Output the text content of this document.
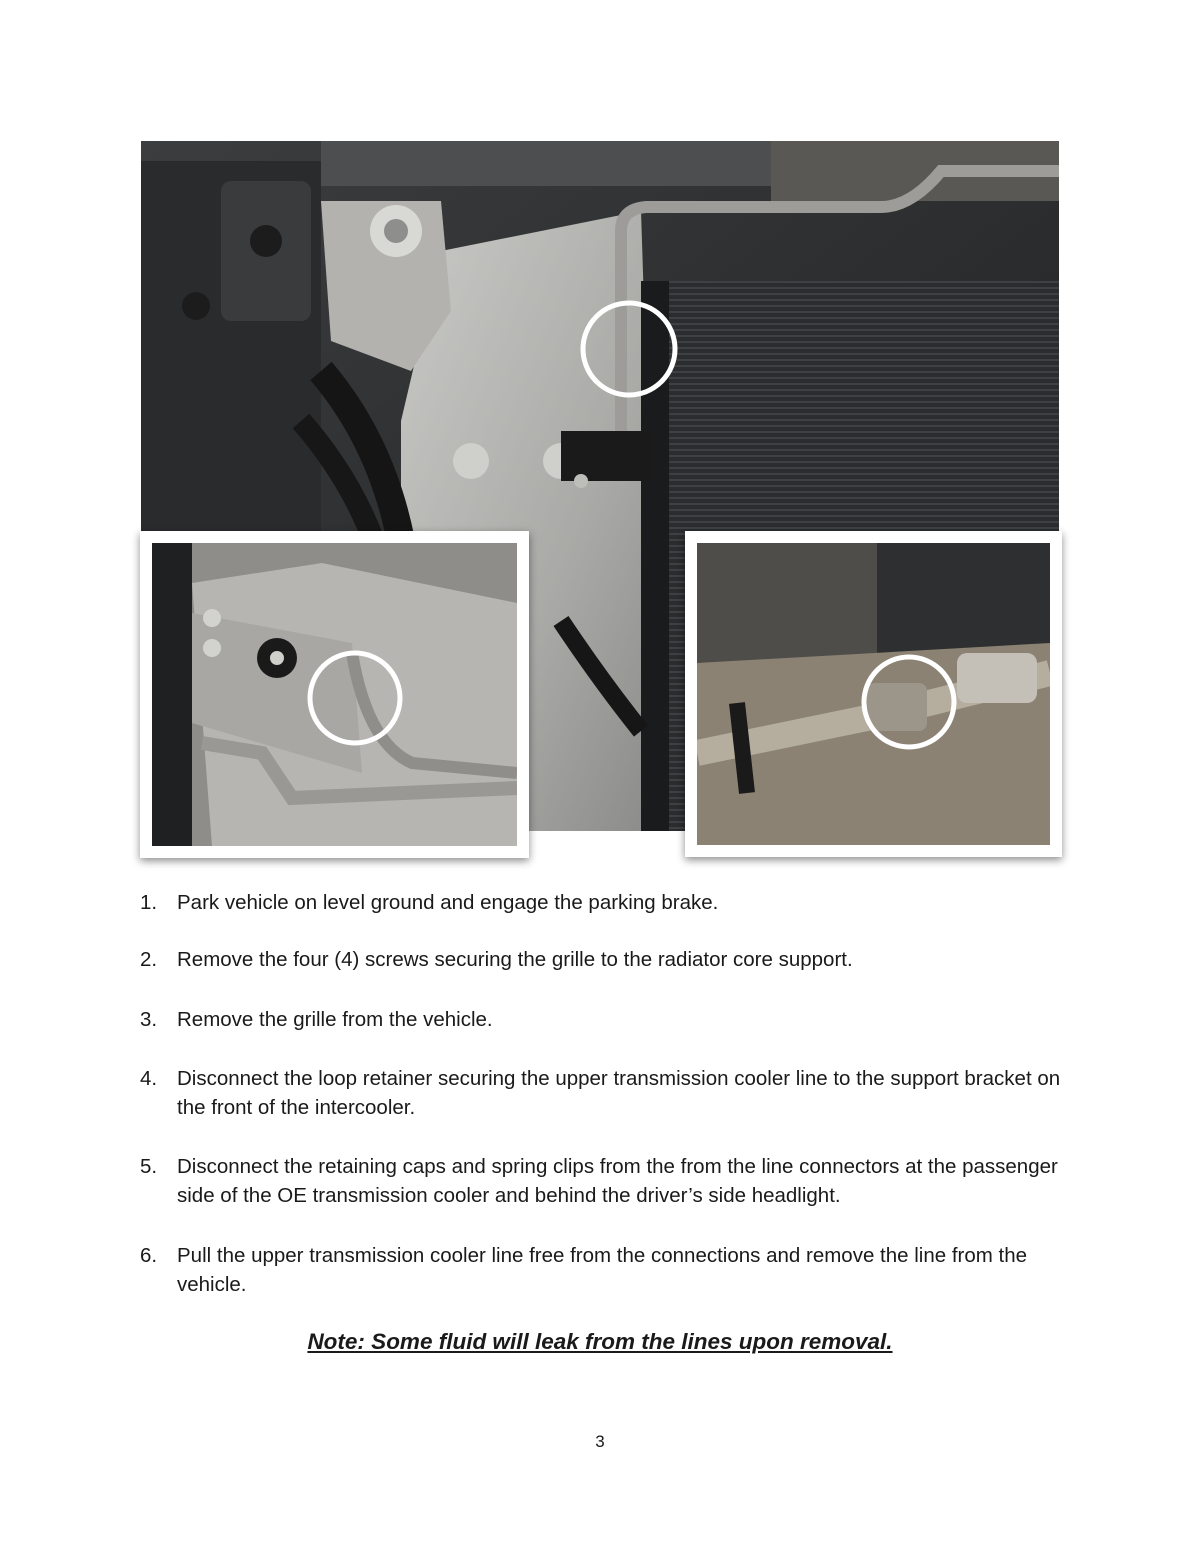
1. Park vehicle on level ground and engage the parking brake.
2. Remove the four (4) screws securing the grille to the radiator core support.
3. Remove the grille from the vehicle.
4. Disconnect the loop retainer securing the upper transmission cooler line to the support bracket on the front of the intercooler.
5. Disconnect the retaining caps and spring clips from the from the line connectors at the passenger side of the OE transmission cooler and behind the driver’s side headlight.
6. Pull the upper transmission cooler line free from the connections and remove the line from the vehicle.
Note: Some fluid will leak from the lines upon removal.
3
